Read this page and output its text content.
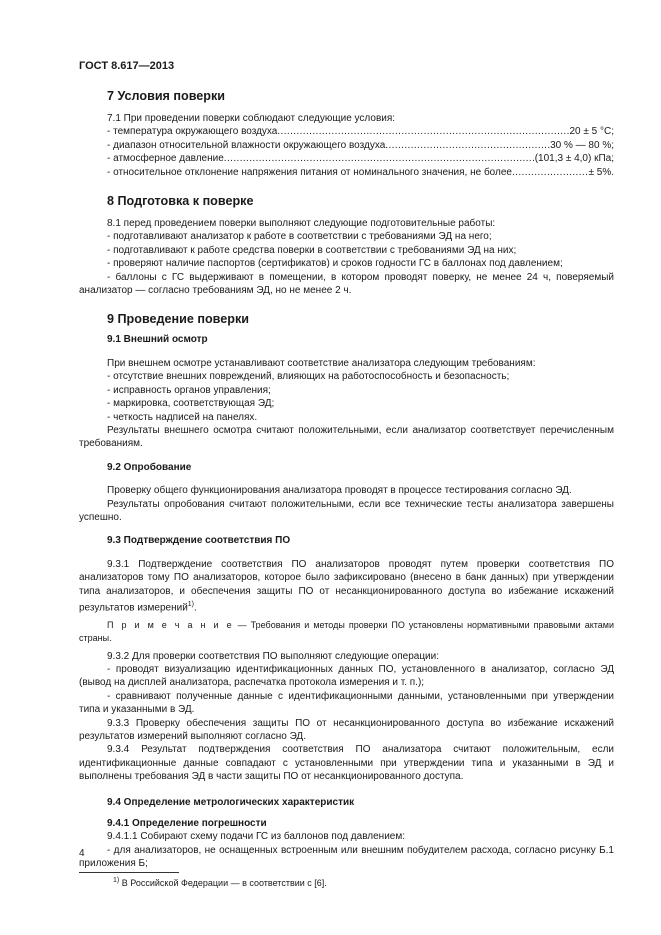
ГОСТ 8.617—2013

7 Условия поверки

7.1 При проведении поверки соблюдают следующие условия:

- температура окружающего воздуха .....	20 ± 5 °С;
- диапазон относительной влажности окружающего воздуха .....	30 % — 80 %;
- атмосферное давление .....	(101,3 ± 4,0) кПа;
- относительное отклонение напряжения питания от номинального значения, не более .....	± 5%.

8 Подготовка к поверке

8.1 перед проведением поверки выполняют следующие подготовительные работы:

- подготавливают анализатор к работе в соответствии с требованиями ЭД на него;

- подготавливают к работе средства поверки в соответствии с требованиями ЭД на них;

- проверяют наличие паспортов (сертификатов) и сроков годности ГС в баллонах под давлением;

- баллоны с ГС выдерживают в помещении, в котором проводят поверку, не менее 24 ч, поверяемый анализатор — согласно требованиям ЭД, но не менее 2 ч.

9 Проведение поверки

9.1 Внешний осмотр

При внешнем осмотре устанавливают соответствие анализатора следующим требованиям:

- отсутствие внешних повреждений, влияющих на работоспособность и безопасность;

- исправность органов управления;

- маркировка, соответствующая ЭД;

- четкость надписей на панелях.

Результаты внешнего осмотра считают положительными, если анализатор соответствует перечисленным требованиям.

9.2 Опробование

Проверку общего функционирования анализатора проводят в процессе тестирования согласно ЭД.

Результаты опробования считают положительными, если все технические тесты анализатора завершены успешно.

9.3 Подтверждение соответствия ПО

9.3.1 Подтверждение соответствия ПО анализаторов проводят путем проверки соответствия ПО анализаторов тому ПО анализаторов, которое было зафиксировано (внесено в банк данных) при утверждении типа анализаторов, и обеспечения защиты ПО от несанкционированного доступа во избежание искажений результатов измерений$^{1)}$.

П р и м е ч а н и е — Требования и методы проверки ПО установлены нормативными правовыми актами страны.

9.3.2 Для проверки соответствия ПО выполняют следующие операции:

- проводят визуализацию идентификационных данных ПО, установленного в анализатор, согласно ЭД (вывод на дисплей анализатора, распечатка протокола измерения и т. п.);

- сравнивают полученные данные с идентификационными данными, установленными при утверждении типа и указанными в ЭД.

9.3.3 Проверку обеспечения защиты ПО от несанкционированного доступа во избежание искажений результатов измерений выполняют согласно ЭД.

9.3.4 Результат подтверждения соответствия ПО анализатора считают положительным, если идентификационные данные совпадают с установленными при утверждении типа и указанными в ЭД и выполнены требования ЭД в части защиты ПО от несанкционированного доступа.

9.4 Определение метрологических характеристик

9.4.1 Определение погрешности

9.4.1.1 Собирают схему подачи ГС из баллонов под давлением:

- для анализаторов, не оснащенных встроенным или внешним побудителем расхода, согласно рисунку Б.1 приложения Б;

$^{1)}$ В Российской Федерации — в соответствии с [6].

4
